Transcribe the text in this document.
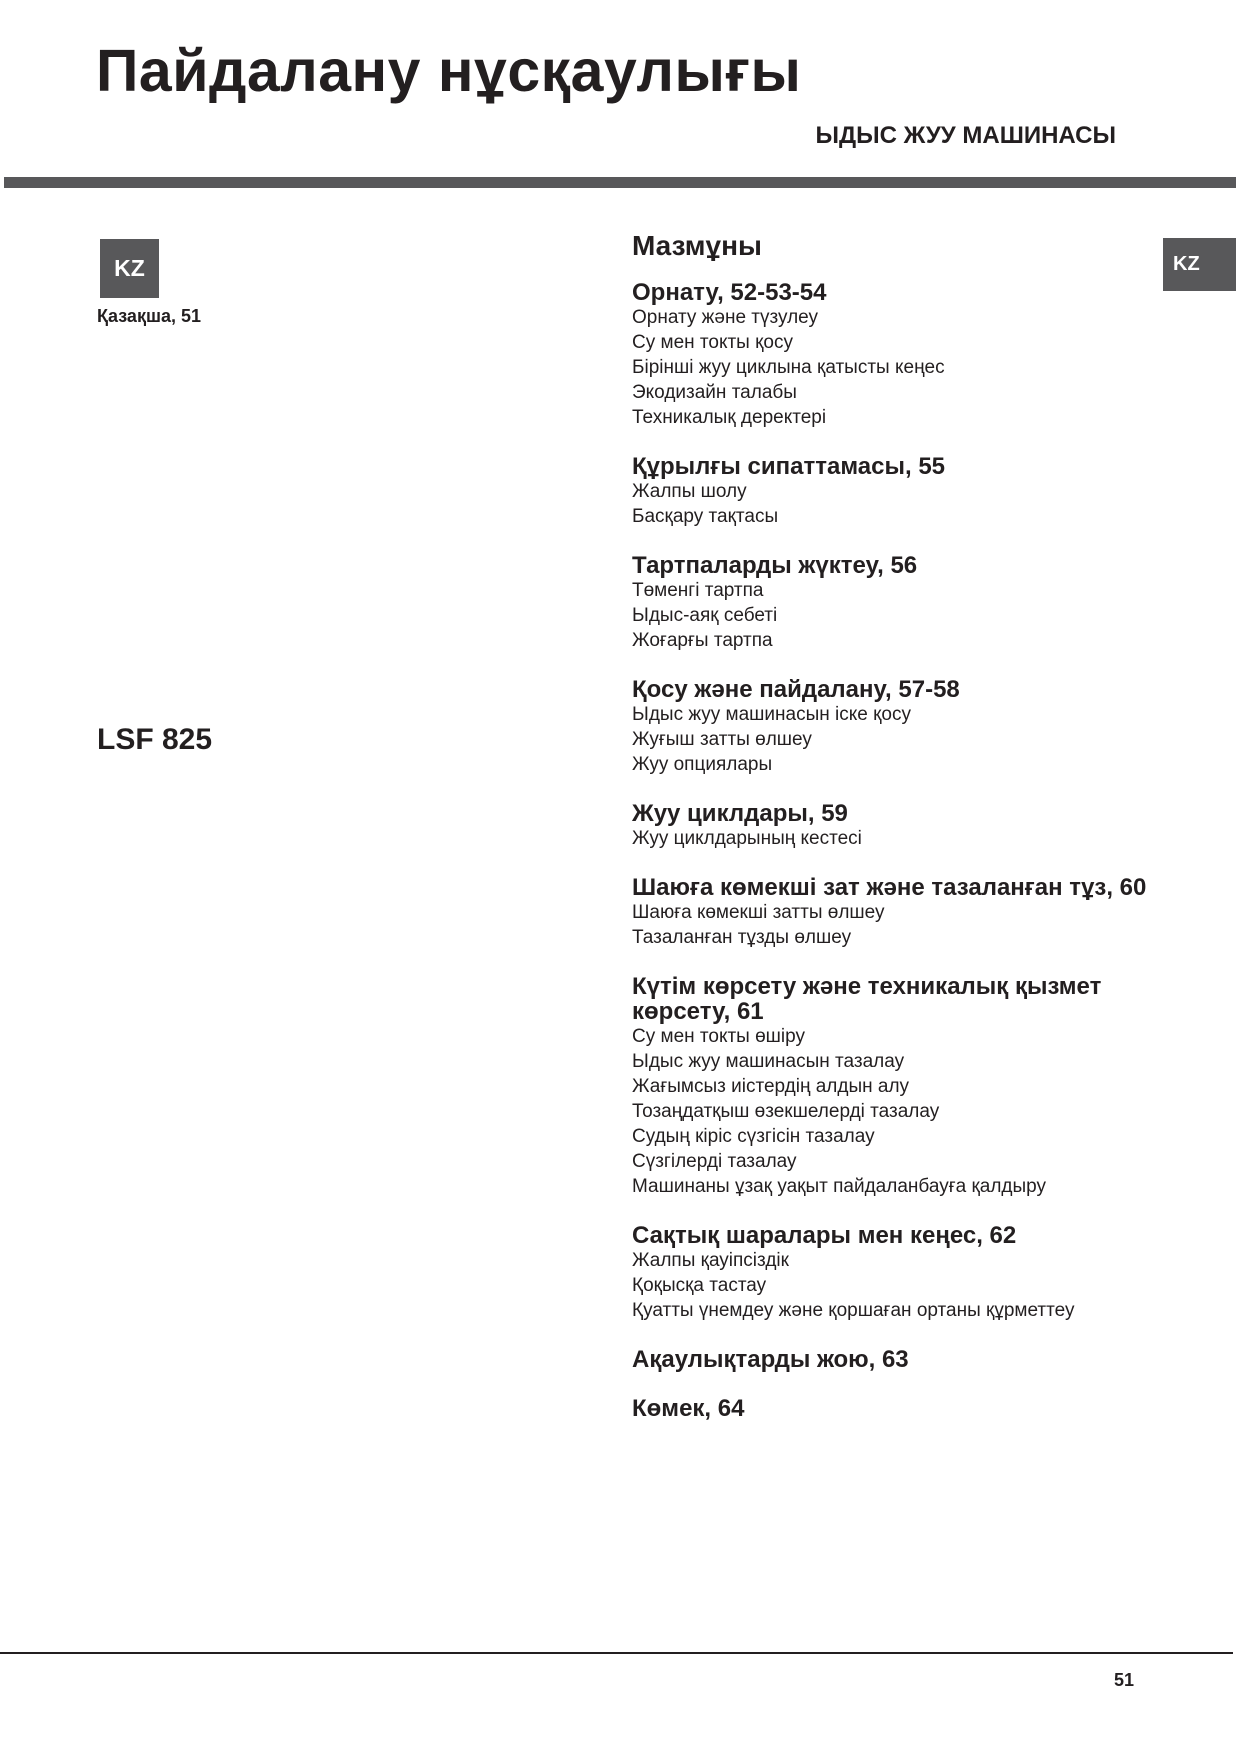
Пайдалану нұсқаулығы
ЫДЫС ЖУУ МАШИНАСЫ
KZ
Қазақша, 51
LSF 825
KZ
Мазмұны
Орнату, 52-53-54
Орнату және түзулеу
Су мен токты қосу
Бірінші жуу циклына қатысты кеңес
Экодизайн талабы
Техникалық деректері
Құрылғы сипаттамасы, 55
Жалпы шолу
Басқару тақтасы
Тартпаларды жүктеу, 56
Төменгі тартпа
Ыдыс-аяқ себеті
Жоғарғы тартпа
Қосу және пайдалану, 57-58
Ыдыс жуу машинасын іске қосу
Жуғыш затты өлшеу
Жуу опциялары
Жуу циклдары, 59
Жуу циклдарының кестесі
Шаюға көмекші зат және тазаланған тұз, 60
Шаюға көмекші затты өлшеу
Тазаланған тұзды өлшеу
Күтім көрсету және техникалық қызмет көрсету, 61
Су мен токты өшіру
Ыдыс жуу машинасын тазалау
Жағымсыз иістердің алдын алу
Тозаңдатқыш өзекшелерді тазалау
Судың кіріс сүзгісін тазалау
Сүзгілерді тазалау
Машинаны ұзақ уақыт пайдаланбауға қалдыру
Сақтық шаралары мен кеңес, 62
Жалпы қауіпсіздік
Қоқысқа тастау
Қуатты үнемдеу және қоршаған ортаны құрметтеу
Ақаулықтарды жою, 63
Көмек, 64
51
